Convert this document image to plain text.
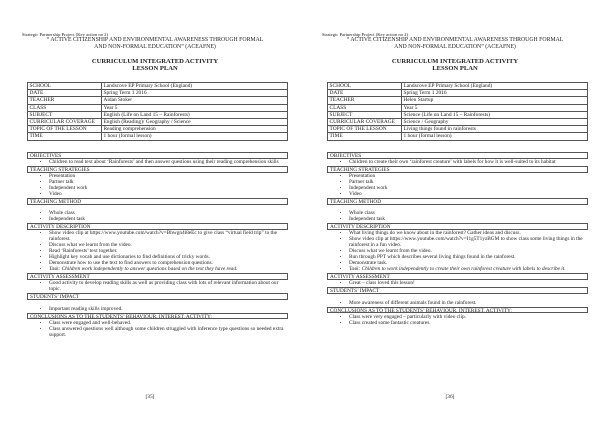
Strategic Partnership Project (Key action no 2)
“ ACTIVE CITIZENSHIP AND ENVIRONMENTAL AWARENESS THROUGH FORMAL
AND NON-FORMAL EDUCATION” (ACEAFNE)
CURRICULUM INTEGRATED ACTIVITY
LESSON PLAN
SCHOOL	Landscove EP Primary School (England)
DATE	Spring Term 1 2016
TEACHER	Aidan Stoker
CLASS	Year 5
SUBJECT	English (Life on Land 15 – Rainforests)
CURRICULAR COVERAGE	English (Reading)/ Geography / Science
TOPIC OF THE LESSON	Reading comprehension
TIME	1 hour (formal lesson)
OBJECTIVES
• Children to read text about ‘Rainforests’ and then answer questions using their reading comprehension skills
TEACHING STRATEGIES
• Presentation
• Partner talk
• Independent work
• Video
TEACHING METHOD
• Whole class
• Independent task
ACTIVITY DESCRIPTION
• Show video clip at https://www.youtube.com/watch?v=Bhwgn4i8eEc to give class “virtual field trip” to the rainforest.
• Discuss what we learnt from the video.
• Read ‘Rainforests’ text together.
• Highlight key vocab and use dictionaries to find definitions of tricky words.
• Demonstrate how to use the text to find answers to comprehension questions.
• Task: Children work independently to answer questions based on the text they have read.
ACTIVITY ASSESSMENT
• Good activity to develop reading skills as well as providing class with lots of relevant information about our topic.
STUDENTS’ IMPACT
• Important reading skills improved.
CONCLUSIONS AS TO THE STUDENTS’ BEHAVIOUR, INTEREST, ACTIVITY:
• Class were engaged and well-behaved.
• Class answered questions well although some children struggled with inference type questions so needed extra support.
[35]
Strategic Partnership Project (Key action no 2)
“ ACTIVE CITIZENSHIP AND ENVIRONMENTAL AWARENESS THROUGH FORMAL
AND NON-FORMAL EDUCATION” (ACEAFNE)
CURRICULUM INTEGRATED ACTIVITY
LESSON PLAN
SCHOOL	Landscove EP Primary School (England)
DATE	Spring Term 1 2016
TEACHER	Helen Startup
CLASS	Year 5
SUBJECT	Science (Life on Land 15 – Rainforests)
CURRICULAR COVERAGE	Science / Geography
TOPIC OF THE LESSON	Living things found in rainforests
TIME	1 hour (formal lesson)
OBJECTIVES
• Children to create their own ‘rainforest creature’ with labels for how it is well-suited to its habitat
TEACHING STRATEGIES
• Presentation
• Partner talk
• Independent work
• Video
TEACHING METHOD
• Whole class
• Independent task
ACTIVITY DESCRIPTION
• What living things do we know about in the rainforest? Gather ideas and discuss.
• Show video clip at https://www.youtube.com/watch?v=I1g5T1yzBGM to show class some living things in the rainforest in a fun video.
• Discuss what we learnt from the video.
• Run through PPT which describes several living things found in the rainforest.
• Demonstrate task.
• Task: Children to work independently to create their own rainforest creature with labels to describe it.
ACTIVITY ASSESSMENT
• Great – class loved this lesson!
STUDENTS’ IMPACT
• More awareness of different animals found in the rainforest.
CONCLUSIONS AS TO THE STUDENTS’ BEHAVIOUR, INTEREST, ACTIVITY:
• Class were very engaged – particularly with video clip.
• Class created some fantastic creatures.
[36]
